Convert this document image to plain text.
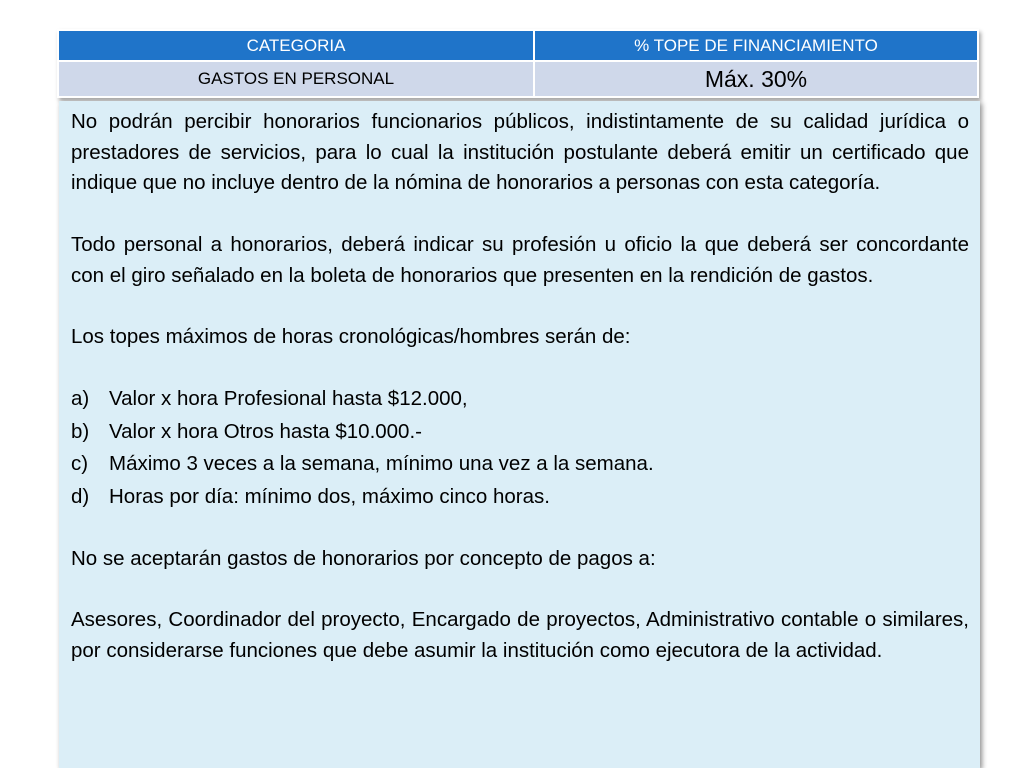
CATEGORIA	% TOPE DE FINANCIAMIENTO
GASTOS EN PERSONAL	Máx. 30%

No podrán percibir honorarios funcionarios públicos, indistintamente de su calidad jurídica o prestadores de servicios, para lo cual la institución postulante deberá emitir un certificado que indique que no incluye dentro de la nómina de honorarios a personas con esta categoría.

Todo personal a honorarios, deberá indicar su profesión u oficio la que deberá ser concordante con el giro señalado en la boleta de honorarios que presenten en la rendición de gastos.

Los topes máximos de horas cronológicas/hombres serán de:

a) Valor x hora Profesional hasta $12.000,
b) Valor x hora Otros hasta $10.000.-
c)	Máximo 3 veces a la semana, mínimo una vez a la semana.
d) Horas por día: mínimo dos, máximo cinco horas.

No se aceptarán gastos de honorarios por concepto de pagos a:

Asesores, Coordinador del proyecto, Encargado de proyectos, Administrativo contable o similares, por considerarse funciones que debe asumir la institución como ejecutora de la actividad.
